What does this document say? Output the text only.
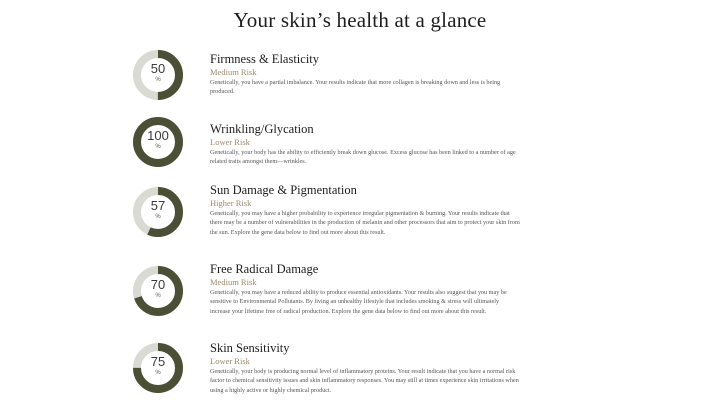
Your skin’s health at a glance
50
%
Firmness & Elasticity
Medium Risk
Genetically, you have a partial imbalance. Your results indicate that more collagen is breaking down and less is being produced.
100
%
Wrinkling/Glycation
Lower Risk
Genetically, your body has the ability to efficiently break down glucose. Excess glucose has been linked to a number of age related traits amongst them—wrinkles.
57
%
Sun Damage & Pigmentation
Higher Risk
Genetically, you may have a higher probability to experience irregular pigmentation & burning. Your results indicate that there may be a number of vulnerabilities in the production of melanin and other processors that aim to protect your skin from the sun. Explore the gene data below to find out more about this result.
70
%
Free Radical Damage
Medium Risk
Genetically, you may have a reduced ability to produce essential antioxidants. Your results also suggest that you may be sensitive to Environmental Pollutants. By living an unhealthy lifestyle that includes smoking & stress will ultimately increase your lifetime free of radical production. Explore the gene data below to find out more about this result.
75
%
Skin Sensitivity
Lower Risk
Genetically, your body is producing normal level of inflammatory proteins. Your result indicate that you have a normal risk factor to chemical sensitivity issues and skin inflammatory responses. You may still at times experience skin irritations when using a highly active or highly chemical product.
